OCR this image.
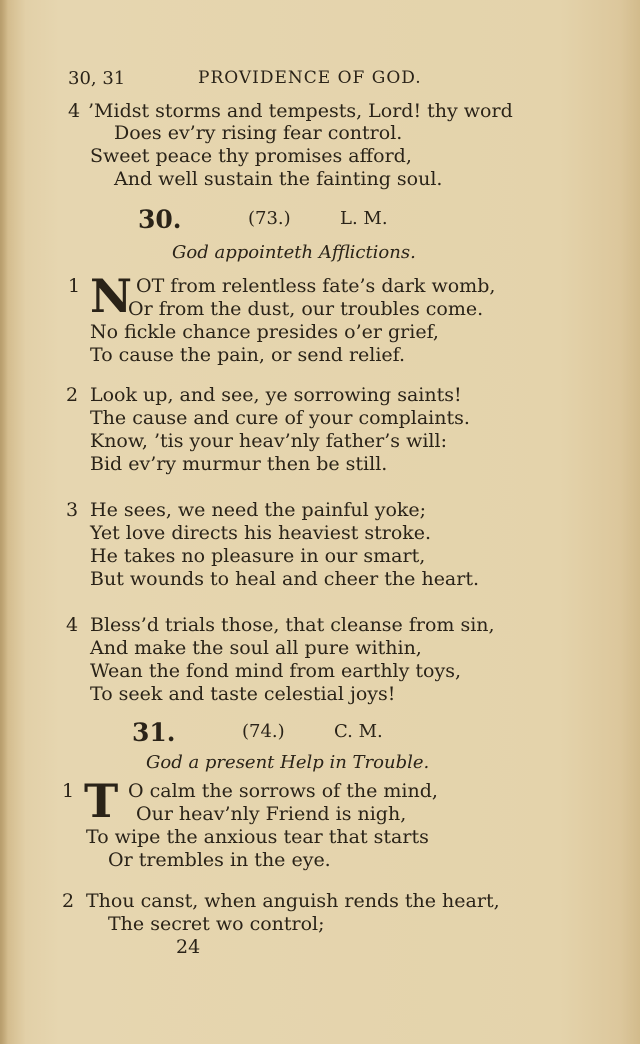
30, 31	PROVIDENCE OF GOD.
4 ’Midst storms and tempests, Lord! thy word
Does ev’ry rising fear control.
Sweet peace thy promises afford,
And well sustain the fainting soul.
30.	(73.)	L. M.
God appointeth Afflictions.
1 N OT from relentless fate’s dark womb,
Or from the dust, our troubles come.
No fickle chance presides o’er grief,
To cause the pain, or send relief.
2 Look up, and see, ye sorrowing saints!
The cause and cure of your complaints.
Know, ’tis your heav’nly father’s will:
Bid ev’ry murmur then be still.
3 He sees, we need the painful yoke;
Yet love directs his heaviest stroke.
He takes no pleasure in our smart,
But wounds to heal and cheer the heart.
4 Bless’d trials those, that cleanse from sin,
And make the soul all pure within,
Wean the fond mind from earthly toys,
To seek and taste celestial joys!
31.	(74.)	C. M.
God a present Help in Trouble.
1 T O calm the sorrows of the mind,
Our heav’nly Friend is nigh,
To wipe the anxious tear that starts
Or trembles in the eye.
2 Thou canst, when anguish rends the heart,
The secret wo control;
24
